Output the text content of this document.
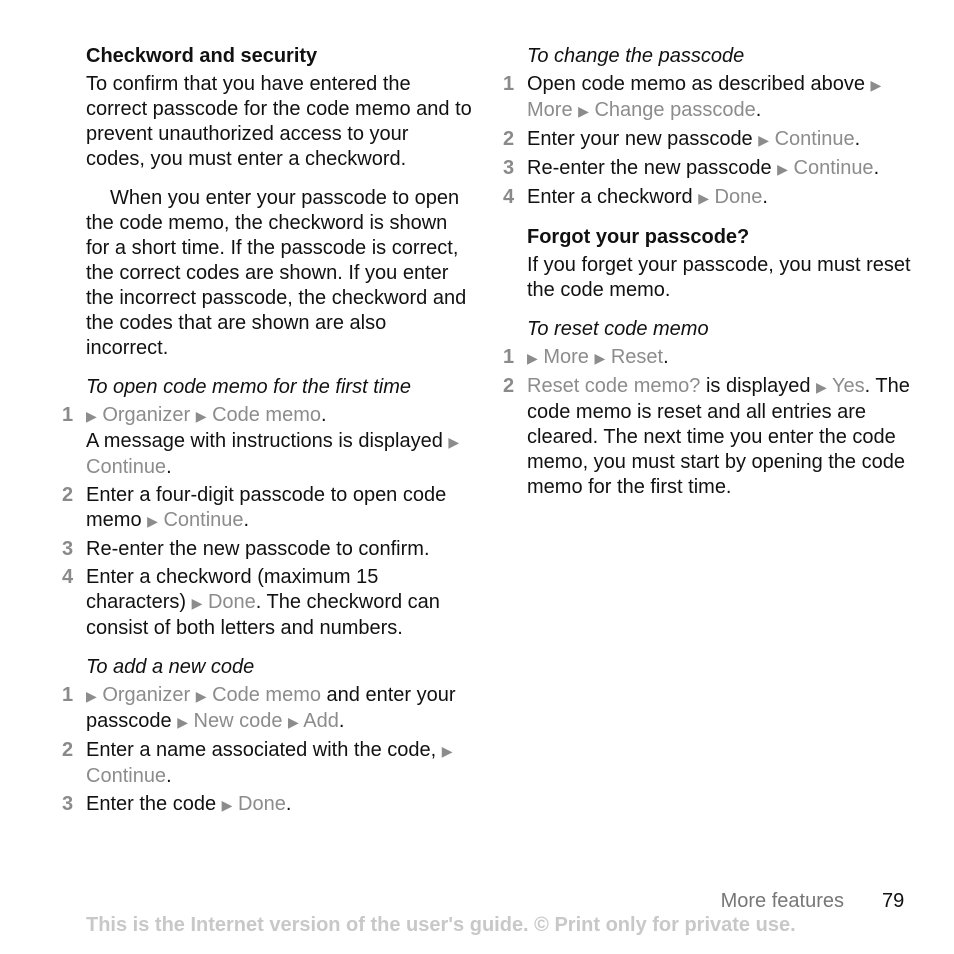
Checkword and security
To confirm that you have entered the correct passcode for the code memo and to prevent unauthorized access to your codes, you must enter a checkword.
When you enter your passcode to open the code memo, the checkword is shown for a short time. If the passcode is correct, the correct codes are shown. If you enter the incorrect passcode, the checkword and the codes that are shown are also incorrect.
To open code memo for the first time
1 ▶ Organizer ▶ Code memo.
A message with instructions is displayed ▶ Continue.
2 Enter a four-digit passcode to open code memo ▶ Continue.
3 Re-enter the new passcode to confirm.
4 Enter a checkword (maximum 15 characters) ▶ Done. The checkword can consist of both letters and numbers.
To add a new code
1 ▶ Organizer ▶ Code memo and enter your passcode ▶ New code ▶ Add.
2 Enter a name associated with the code, ▶ Continue.
3 Enter the code ▶ Done.
To change the passcode
1 Open code memo as described above ▶ More ▶ Change passcode.
2 Enter your new passcode ▶ Continue.
3 Re-enter the new passcode ▶ Continue.
4 Enter a checkword ▶ Done.
Forgot your passcode?
If you forget your passcode, you must reset the code memo.
To reset code memo
1 ▶ More ▶ Reset.
2 Reset code memo? is displayed ▶ Yes. The code memo is reset and all entries are cleared. The next time you enter the code memo, you must start by opening the code memo for the first time.
More features 79
This is the Internet version of the user's guide. © Print only for private use.
